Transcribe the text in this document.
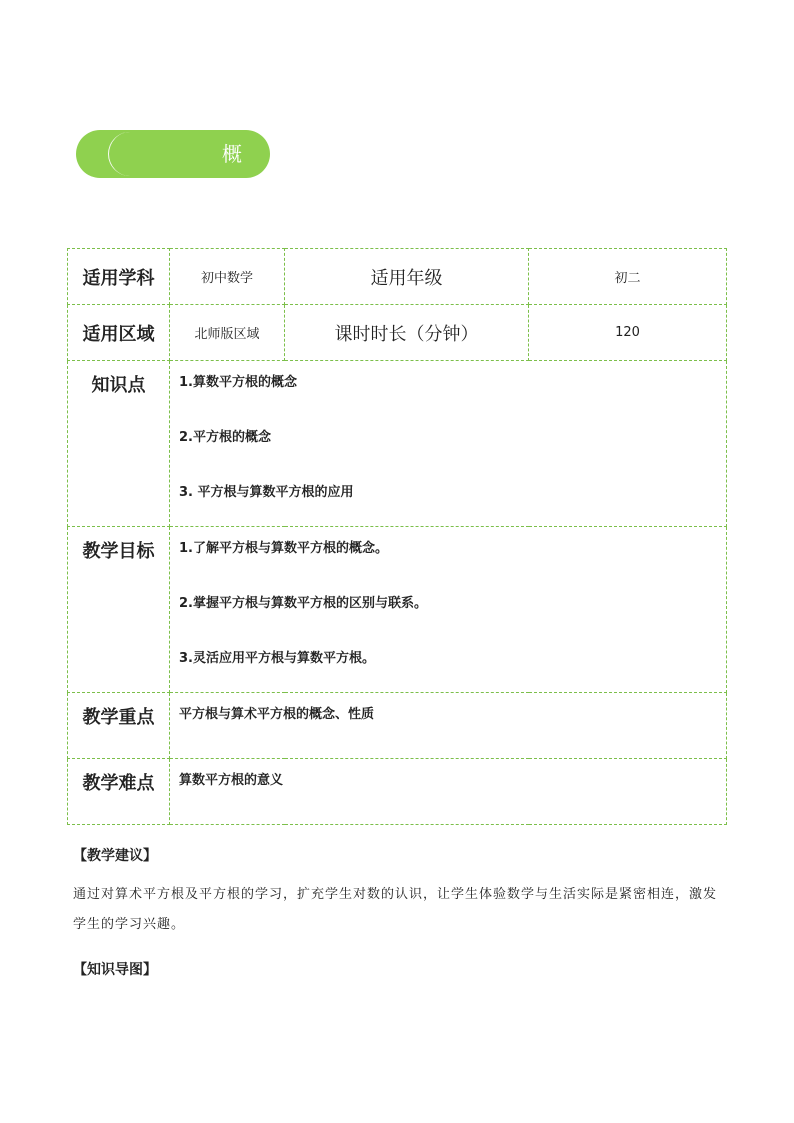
概 述
适用学科	初中数学	适用年级	初二
适用区域	北师版区域	课时时长（分钟）	120
知识点	1.算数平方根的概念
2.平方根的概念
3. 平方根与算数平方根的应用		

教学目标	1.了解平方根与算数平方根的概念。
2.掌握平方根与算数平方根的区别与联系。
3.灵活应用平方根与算数平方根。		

教学重点	平方根与算术平方根的概念、性质		

教学难点	算数平方根的意义		
【教学建议】
通过对算术平方根及平方根的学习，扩充学生对数的认识，让学生体验数学与生活实际是紧密相连，激发学生的学习兴趣。
【知识导图】
